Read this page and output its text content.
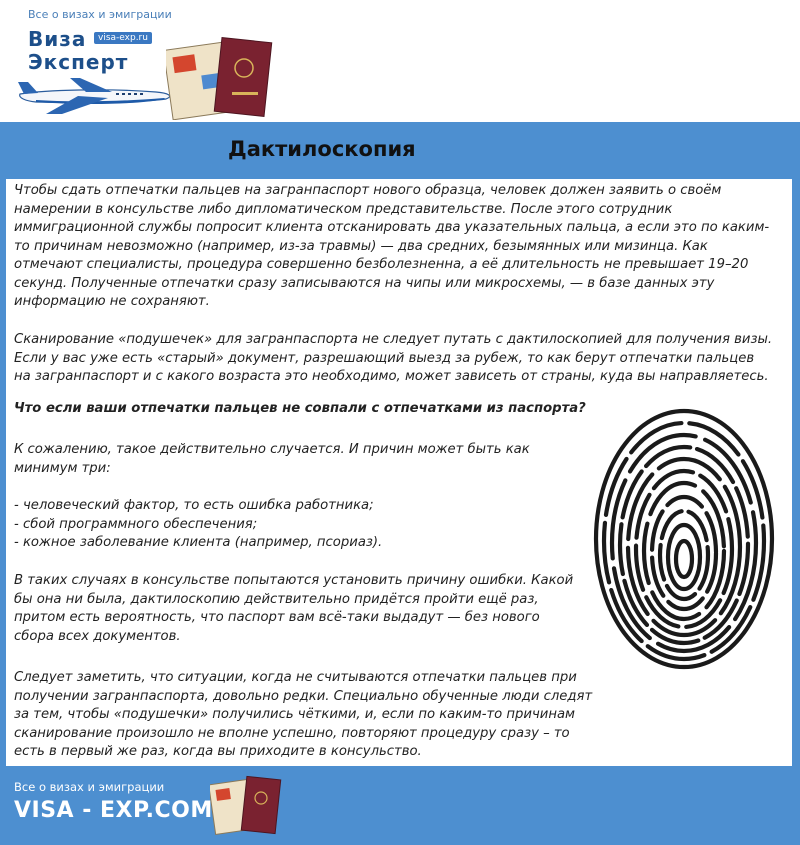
Все о визах и эмиграции
Виза
Эксперт
visa-exp.ru
Дактилоскопия

Чтобы сдать отпечатки пальцев на загранпаспорт нового образца, человек должен заявить о своём намерении в консульстве либо дипломатическом представительстве. После этого сотрудник иммиграционной службы попросит клиента отсканировать два указательных пальца, а если это по каким-то причинам невозможно (например, из-за травмы) — два средних, безымянных или мизинца. Как отмечают специалисты, процедура совершенно безболезненна, а её длительность не превышает 19–20 секунд. Полученные отпечатки сразу записываются на чипы или микросхемы, — в базе данных эту информацию не сохраняют.

Сканирование «подушечек» для загранпаспорта не следует путать с дактилоскопией для получения визы. Если у вас уже есть «старый» документ, разрешающий выезд за рубеж, то как берут отпечатки пальцев на загранпаспорт и с какого возраста это необходимо, может зависеть от страны, куда вы направляетесь.

Что если ваши отпечатки пальцев не совпали с отпечатками из паспорта?

К сожалению, такое действительно случается. И причин может быть как минимум три:

- человеческий фактор, то есть ошибка работника;
- сбой программного обеспечения;
- кожное заболевание клиента (например, псориаз).

В таких случаях в консульстве попытаются установить причину ошибки. Какой бы она ни была, дактилоскопию действительно придётся пройти ещё раз, притом есть вероятность, что паспорт вам всё-таки выдадут — без нового сбора всех документов.

Следует заметить, что ситуации, когда не считываются отпечатки пальцев при получении загранпаспорта, довольно редки. Специально обученные люди следят за тем, чтобы «подушечки» получились чёткими, и, если по каким-то причинам сканирование произошло не вполне успешно, повторяют процедуру сразу – то есть в первый же раз, когда вы приходите в консульство.

Все о визах и эмиграции
VISA - EXP.COM
